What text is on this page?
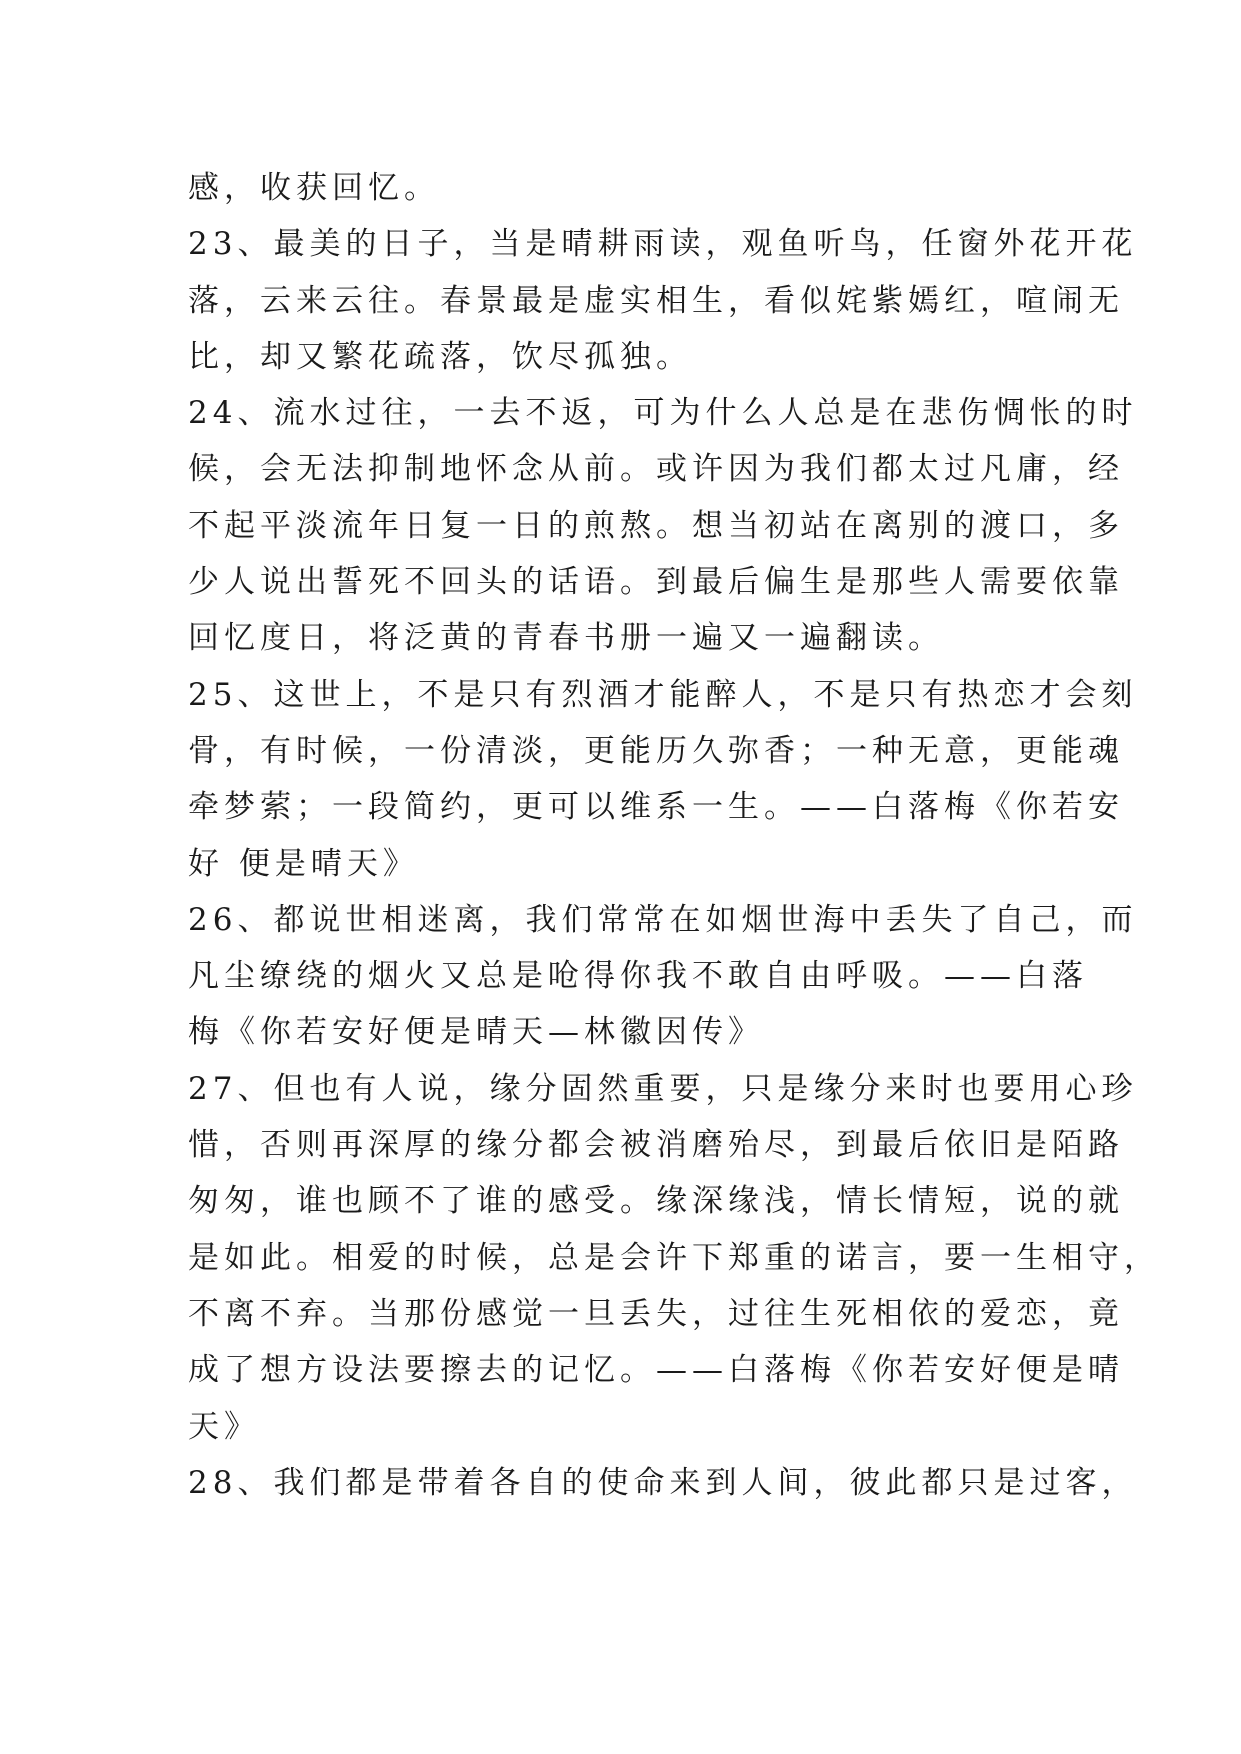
感，收获回忆。
23、最美的日子，当是晴耕雨读，观鱼听鸟，任窗外花开花
落，云来云往。春景最是虚实相生，看似姹紫嫣红，喧闹无
比，却又繁花疏落，饮尽孤独。
24、流水过往，一去不返，可为什么人总是在悲伤惆怅的时
候，会无法抑制地怀念从前。或许因为我们都太过凡庸，经
不起平淡流年日复一日的煎熬。想当初站在离别的渡口，多
少人说出誓死不回头的话语。到最后偏生是那些人需要依靠
回忆度日，将泛黄的青春书册一遍又一遍翻读。
25、这世上，不是只有烈酒才能醉人，不是只有热恋才会刻
骨，有时候，一份清淡，更能历久弥香；一种无意，更能魂
牵梦萦；一段简约，更可以维系一生。——白落梅《你若安
好 便是晴天》
26、都说世相迷离，我们常常在如烟世海中丢失了自己，而
凡尘缭绕的烟火又总是呛得你我不敢自由呼吸。——白落
梅《你若安好便是晴天—林徽因传》
27、但也有人说，缘分固然重要，只是缘分来时也要用心珍
惜，否则再深厚的缘分都会被消磨殆尽，到最后依旧是陌路
匆匆，谁也顾不了谁的感受。缘深缘浅，情长情短，说的就
是如此。相爱的时候，总是会许下郑重的诺言，要一生相守，
不离不弃。当那份感觉一旦丢失，过往生死相依的爱恋，竟
成了想方设法要擦去的记忆。——白落梅《你若安好便是晴
天》
28、我们都是带着各自的使命来到人间，彼此都只是过客，
